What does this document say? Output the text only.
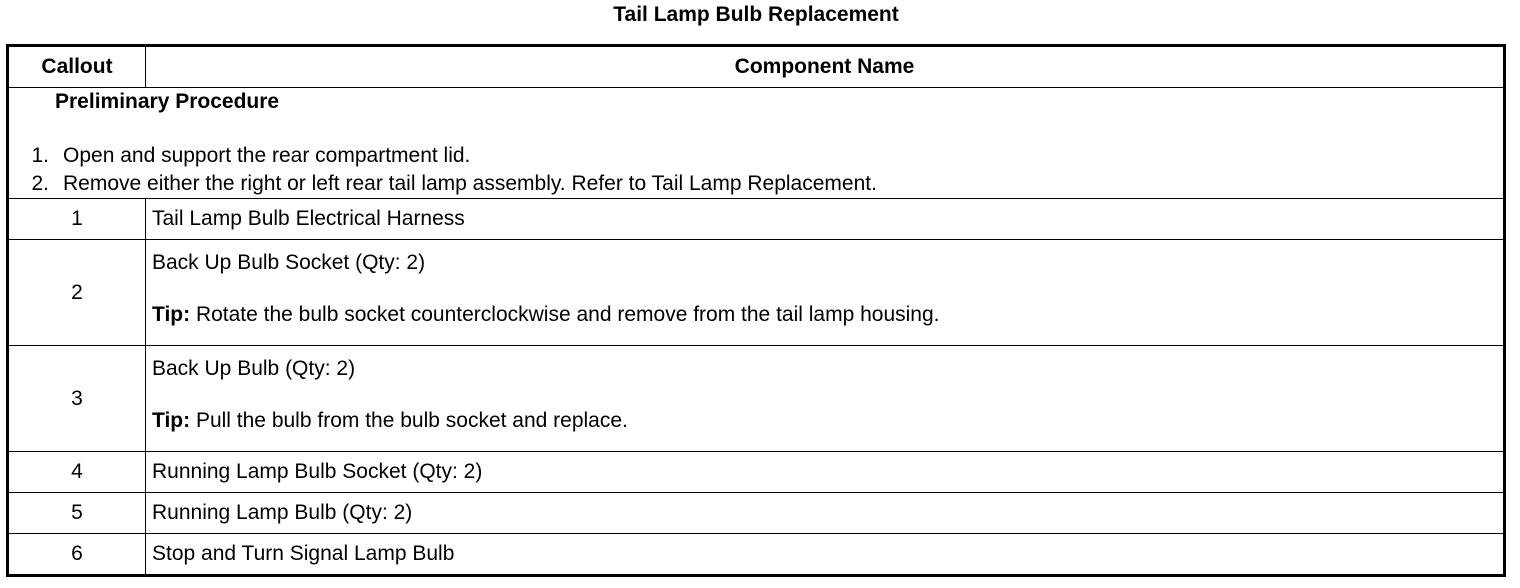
Tail Lamp Bulb Replacement
Callout	Component Name

Preliminary Procedure
1. Open and support the rear compartment lid.
2. Remove either the right or left rear tail lamp assembly. Refer to Tail Lamp Replacement.	

1	Tail Lamp Bulb Electrical Harness
2	Back Up Bulb Socket (Qty: 2)
Tip: Rotate the bulb socket counterclockwise and remove from the tail lamp housing.

3	Back Up Bulb (Qty: 2)
Tip: Pull the bulb from the bulb socket and replace.

4	Running Lamp Bulb Socket (Qty: 2)
5	Running Lamp Bulb (Qty: 2)
6	Stop and Turn Signal Lamp Bulb
